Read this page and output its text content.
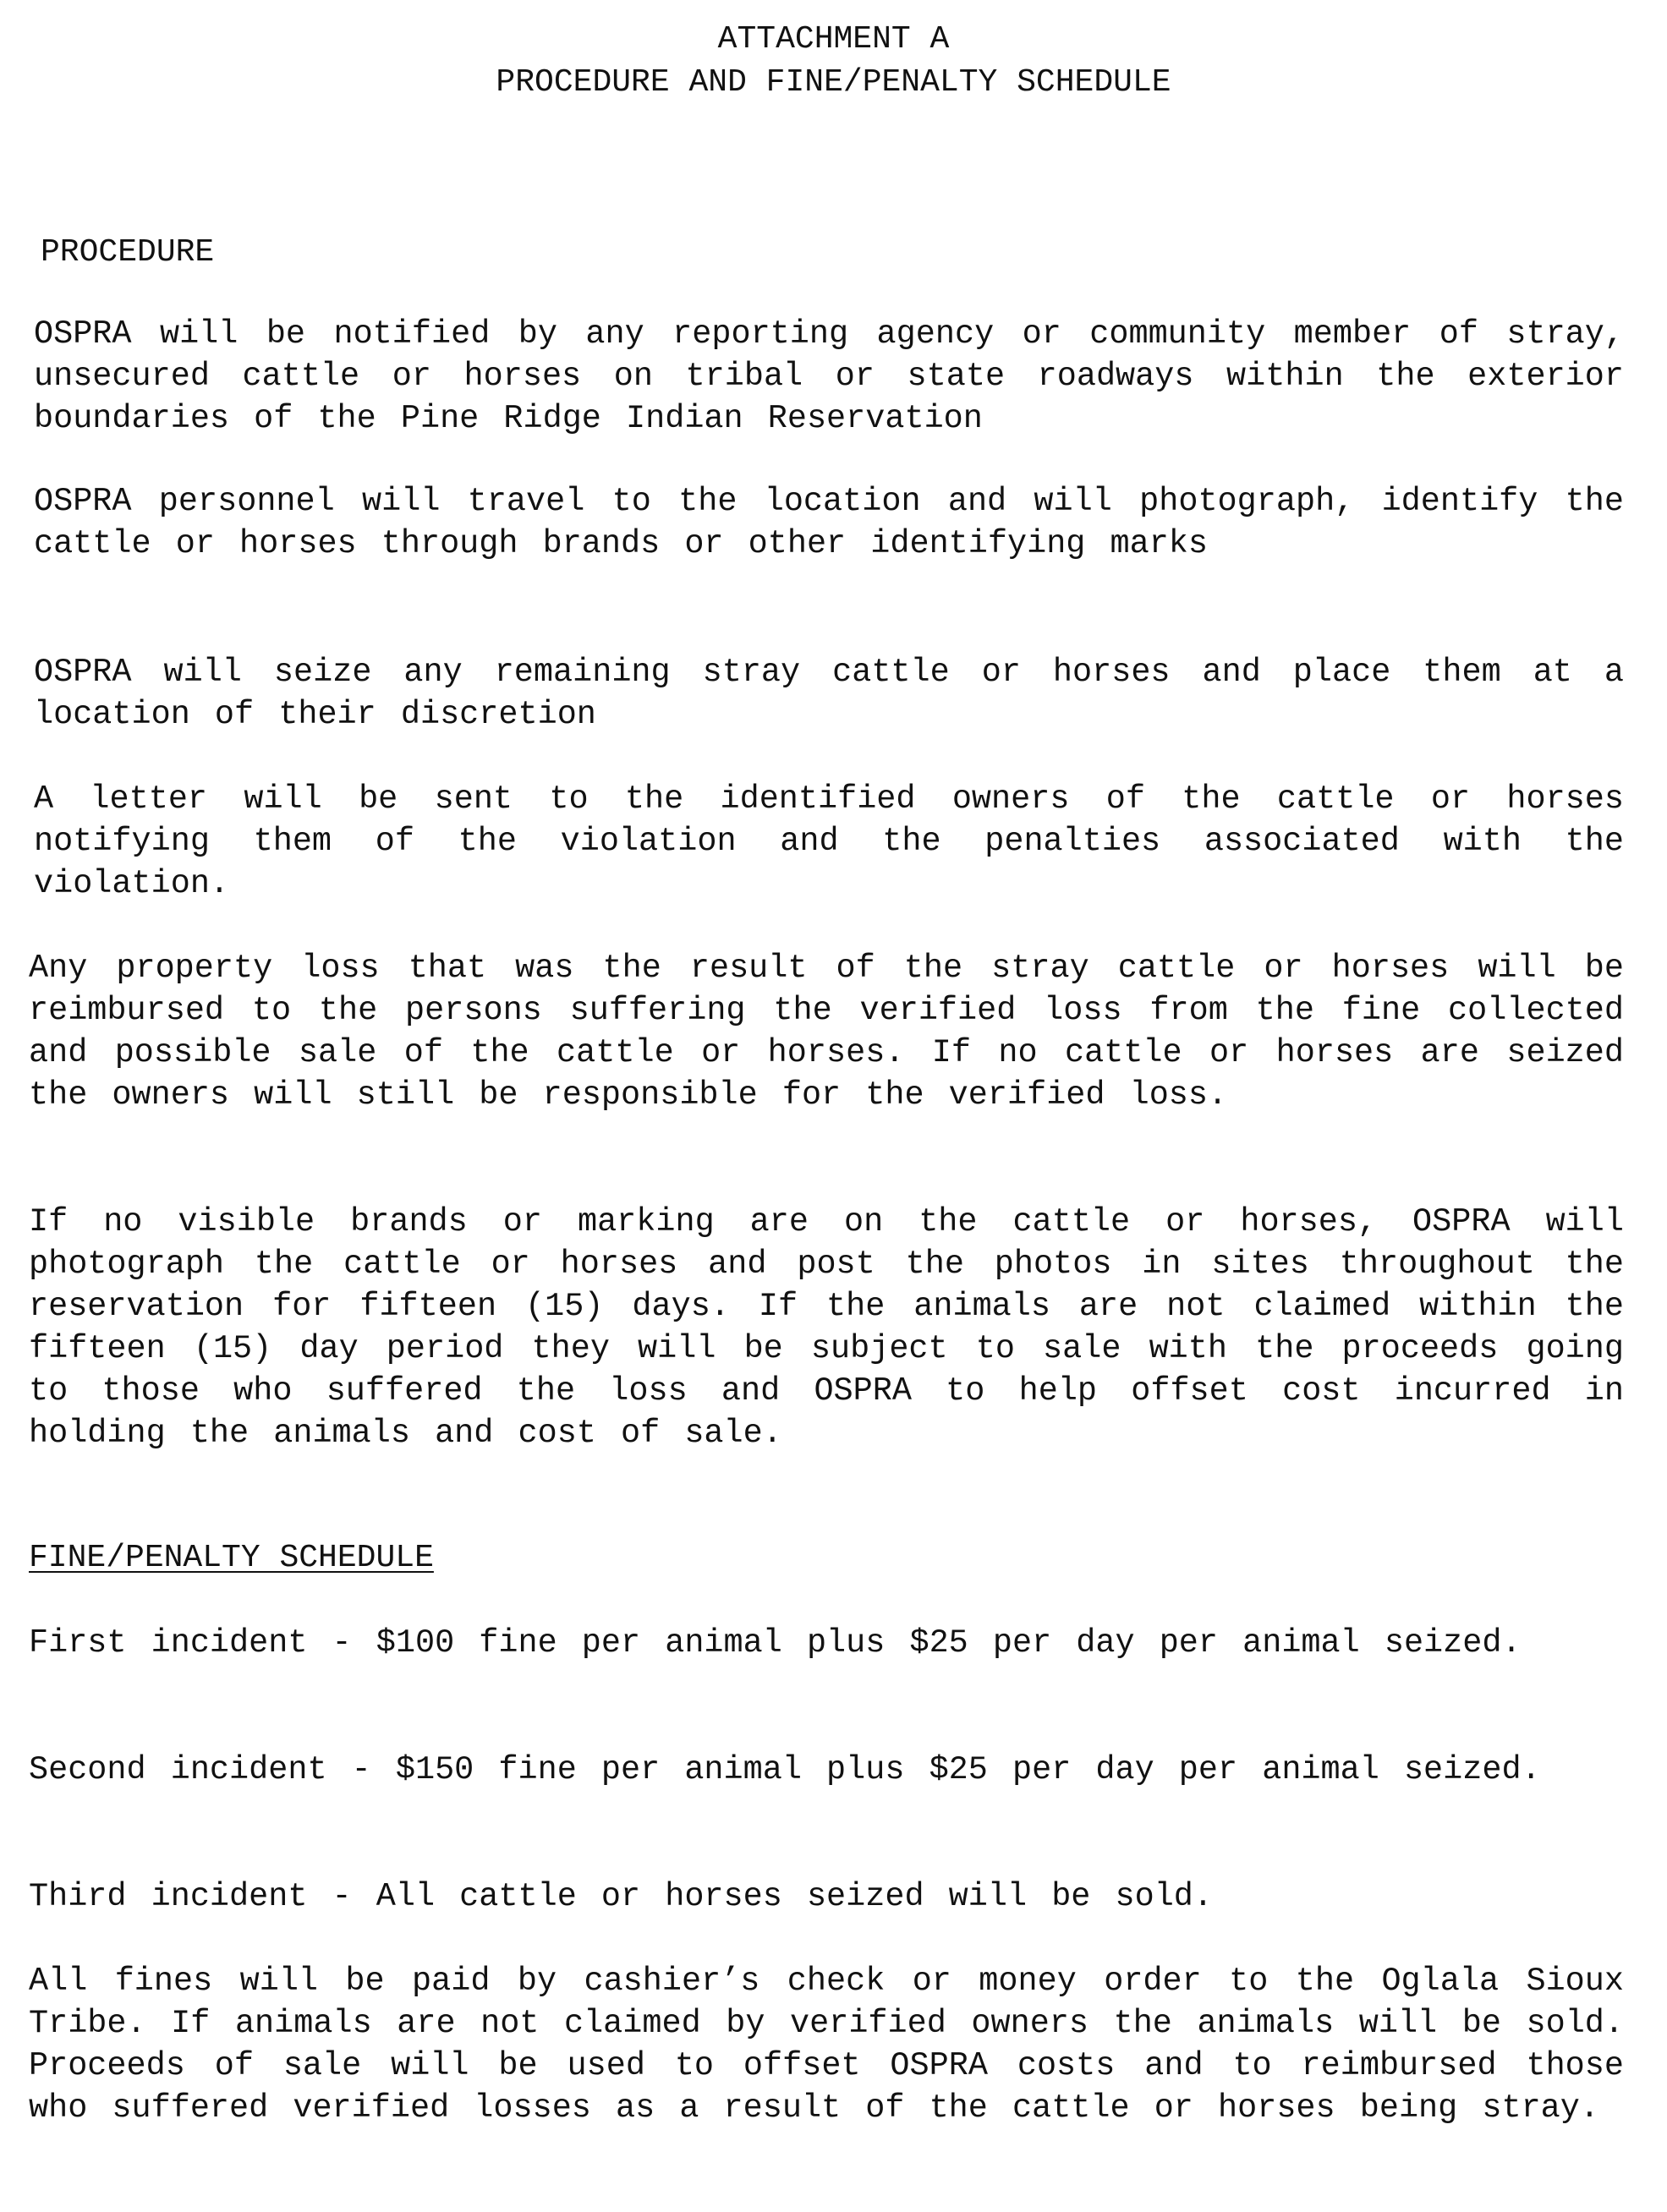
ATTACHMENT A
PROCEDURE AND FINE/PENALTY SCHEDULE
PROCEDURE

OSPRA will be notified by any reporting agency or community member of stray, unsecured cattle or horses on tribal or state roadways within the exterior boundaries of the Pine Ridge Indian Reservation

OSPRA personnel will travel to the location and will photograph, identify the cattle or horses through brands or other identifying marks

OSPRA will seize any remaining stray cattle or horses and place them at a location of their discretion

A letter will be sent to the identified owners of the cattle or horses notifying them of the violation and the penalties associated with the violation.

Any property loss that was the result of the stray cattle or horses will be reimbursed to the persons suffering the verified loss from the fine collected and possible sale of the cattle or horses. If no cattle or horses are seized the owners will still be responsible for the verified loss.

If no visible brands or marking are on the cattle or horses, OSPRA will photograph the cattle or horses and post the photos in sites throughout the reservation for fifteen (15) days. If the animals are not claimed within the fifteen (15) day period they will be subject to sale with the proceeds going to those who suffered the loss and OSPRA to help offset cost incurred in holding the animals and cost of sale.

FINE/PENALTY SCHEDULE

First incident - $100 fine per animal plus $25 per day per animal seized.

Second incident - $150 fine per animal plus $25 per day per animal seized.

Third incident - All cattle or horses seized will be sold.

All fines will be paid by cashier’s check or money order to the Oglala Sioux Tribe. If animals are not claimed by verified owners the animals will be sold. Proceeds of sale will be used to offset OSPRA costs and to reimbursed those who suffered verified losses as a result of the cattle or horses being stray.
